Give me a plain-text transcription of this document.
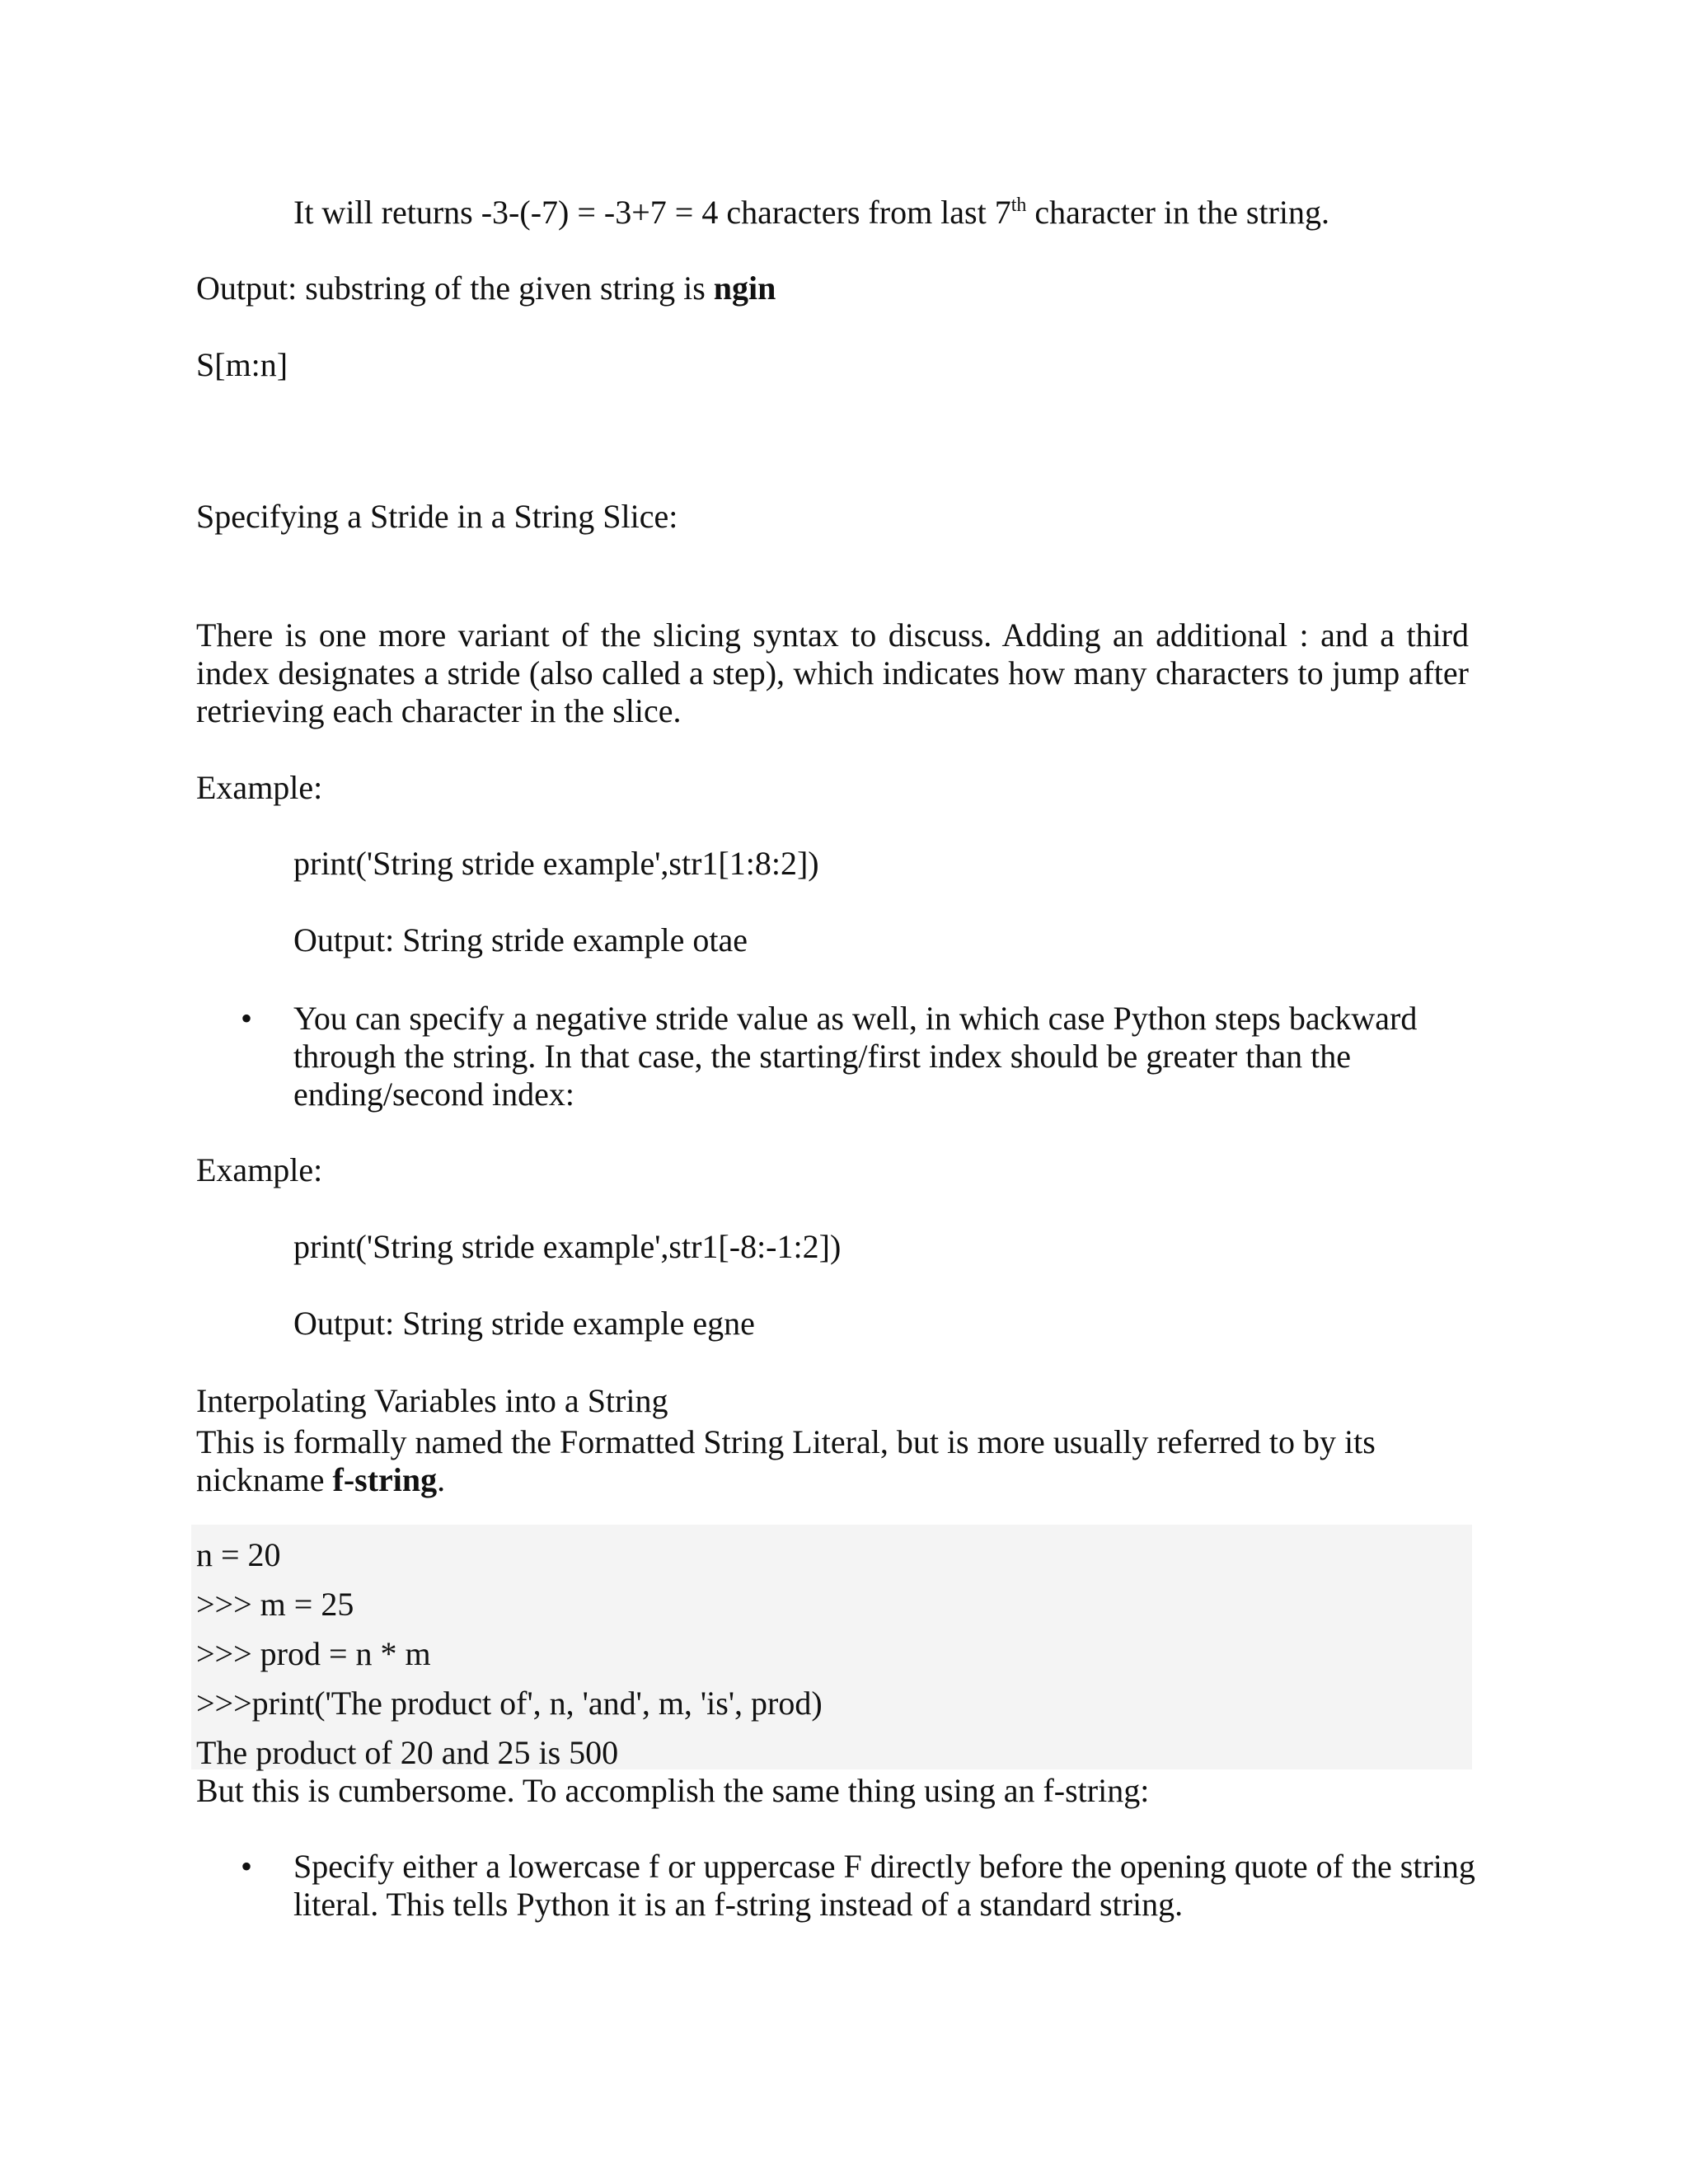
It will returns -3-(-7) = -3+7 = 4 characters from last 7th character in the string.

Output: substring of the given string is ngin

S[m:n]

Specifying a Stride in a String Slice:

There is one more variant of the slicing syntax to discuss. Adding an additional : and a third
index designates a stride (also called a step), which indicates how many characters to jump after
retrieving each character in the slice.

Example:

print('String stride example',str1[1:8:2])

Output: String stride example otae

• You can specify a negative stride value as well, in which case Python steps backward

through the string. In that case, the starting/first index should be greater than the

ending/second index:

Example:

print('String stride example',str1[-8:-1:2])

Output: String stride example egne

Interpolating Variables into a String

This is formally named the Formatted String Literal, but is more usually referred to by its

nickname f-string.

n = 20

>>> m = 25

>>> prod = n * m

>>>print('The product of', n, 'and', m, 'is', prod)

The product of 20 and 25 is 500

But this is cumbersome. To accomplish the same thing using an f-string:

• Specify either a lowercase f or uppercase F directly before the opening quote of the string

literal. This tells Python it is an f-string instead of a standard string.
